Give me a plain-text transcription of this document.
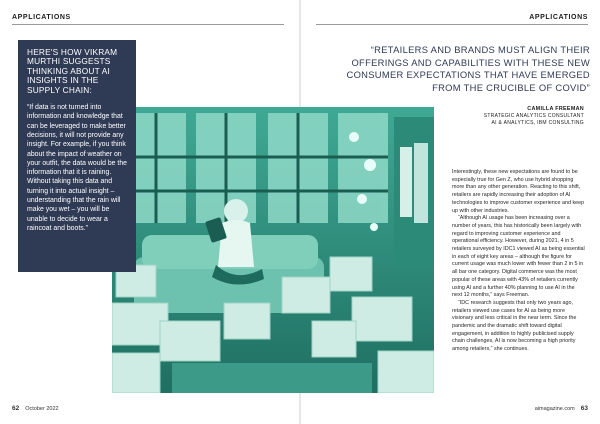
APPLICATIONS	APPLICATIONS

HERE'S HOW VIKRAM MURTHI SUGGESTS THINKING ABOUT AI INSIGHTS IN THE SUPPLY CHAIN:

“If data is not turned into information and knowledge that can be leveraged to make better decisions, it will not provide any insight. For example, if you think about the impact of weather on your outfit, the data would be the information that it is raining. Without taking this data and turning it into actual insight – understanding that the rain will make you wet – you will be unable to decide to wear a raincoat and boots.”

“RETAILERS AND BRANDS MUST ALIGN THEIR OFFERINGS AND CAPABILITIES WITH THESE NEW CONSUMER EXPECTATIONS THAT HAVE EMERGED FROM THE CRUCIBLE OF COVID”

CAMILLA FREEMAN
STRATEGIC ANALYTICS CONSULTANT
AI & ANALYTICS, IBM CONSULTING

Interestingly, these new expectations are found to be especially true for Gen Z, who use hybrid shopping more than any other generation. Reacting to this shift, retailers are rapidly increasing their adoption of AI technologies to improve customer experience and keep up with other industries.

“Although AI usage has been increasing over a number of years, this has historically been largely with regard to improving customer experience and operational efficiency. However, during 2021, 4 in 5 retailers surveyed by IDC1 viewed AI as being essential in each of eight key areas – although the figure for current usage was much lower with fewer than 2 in 5 in all bar one category. Digital commerce was the most popular of these areas with 43% of retailers currently using AI and a further 40% planning to use AI in the next 12 months,” says Freeman.

“IDC research suggests that only two years ago, retailers viewed use cases for AI as being more visionary and less critical in the near term. Since the pandemic and the dramatic shift toward digital engagement, in addition to highly publicised supply chain challenges, AI is now becoming a high priority among retailers,” she continues.

62 October 2022	aimagazine.com 63
